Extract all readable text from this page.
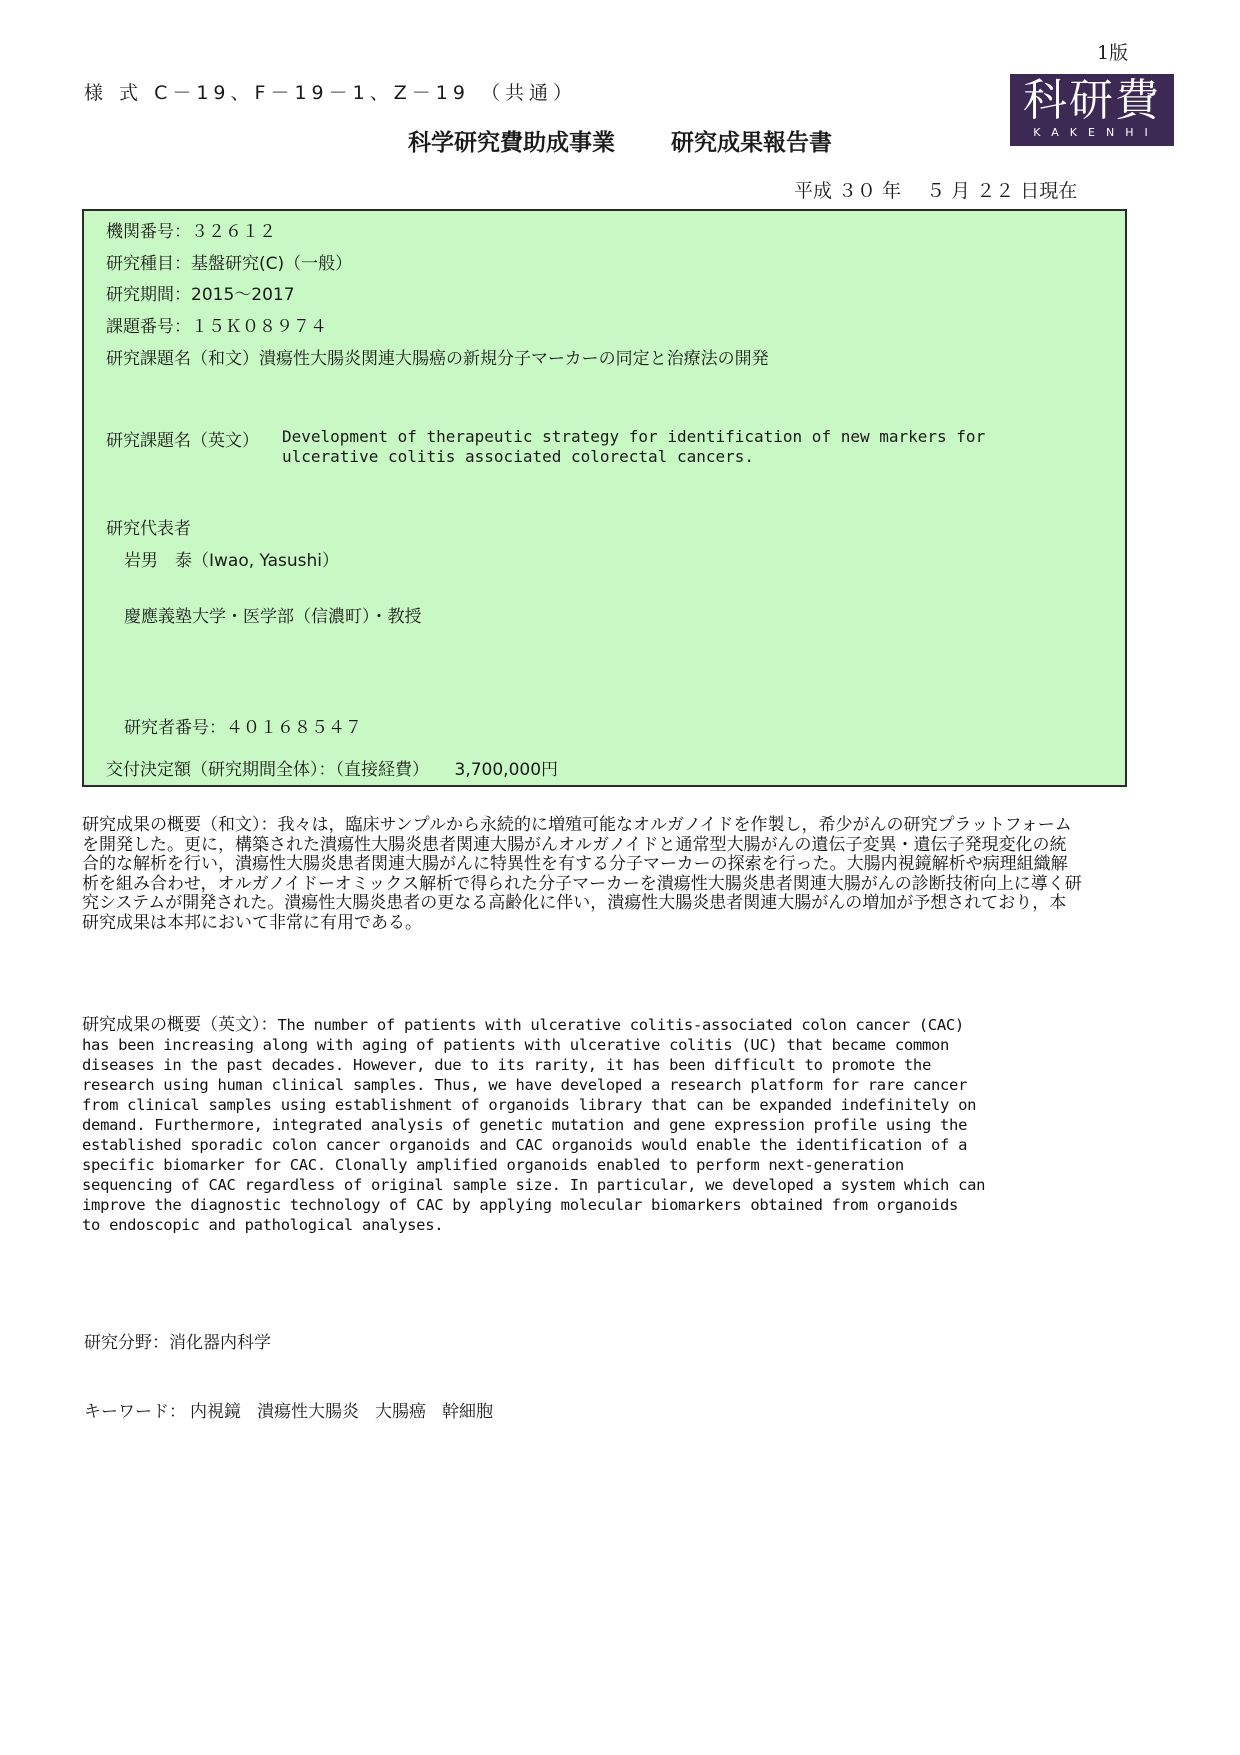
1版
様 式 C－19、F－19－1、Z－19 （共通）
科学研究費助成事業 研究成果報告書
科研費
KAKENHI
平成 ３０ 年　 ５ 月 ２２ 日現在
機関番号：３２６１２
研究種目：基盤研究(C)（一般）
研究期間：2015～2017
課題番号：１５Ｋ０８９７４
研究課題名（和文）潰瘍性大腸炎関連大腸癌の新規分子マーカーの同定と治療法の開発
研究課題名（英文） Development of therapeutic strategy for identification of new markers for
ulcerative colitis associated colorectal cancers.
研究代表者
岩男　泰（Iwao, Yasushi）
慶應義塾大学・医学部（信濃町）・教授
研究者番号：４０１６８５４７
交付決定額（研究期間全体）：（直接経費）　　3,700,000円
研究成果の概要（和文）：我々は，臨床サンプルから永続的に増殖可能なオルガノイドを作製し，希少がんの研究プラットフォームを開発した。更に，構築された潰瘍性大腸炎患者関連大腸がんオルガノイドと通常型大腸がんの遺伝子変異・遺伝子発現変化の統合的な解析を行い，潰瘍性大腸炎患者関連大腸がんに特異性を有する分子マーカーの探索を行った。大腸内視鏡解析や病理組織解析を組み合わせ，オルガノイドーオミックス解析で得られた分子マーカーを潰瘍性大腸炎患者関連大腸がんの診断技術向上に導く研究システムが開発された。潰瘍性大腸炎患者の更なる高齢化に伴い，潰瘍性大腸炎患者関連大腸がんの増加が予想されており，本研究成果は本邦において非常に有用である。
研究成果の概要（英文）：The number of patients with ulcerative colitis-associated colon cancer (CAC)
has been increasing along with aging of patients with ulcerative colitis (UC) that became common
diseases in the past decades. However, due to its rarity, it has been difficult to promote the
research using human clinical samples. Thus, we have developed a research platform for rare cancer
from clinical samples using establishment of organoids library that can be expanded indefinitely on
demand. Furthermore, integrated analysis of genetic mutation and gene expression profile using the
established sporadic colon cancer organoids and CAC organoids would enable the identification of a
specific biomarker for CAC. Clonally amplified organoids enabled to perform next-generation
sequencing of CAC regardless of original sample size. In particular, we developed a system which can
improve the diagnostic technology of CAC by applying molecular biomarkers obtained from organoids
to endoscopic and pathological analyses.
研究分野：消化器内科学
キーワード： 内視鏡 潰瘍性大腸炎 大腸癌 幹細胞
